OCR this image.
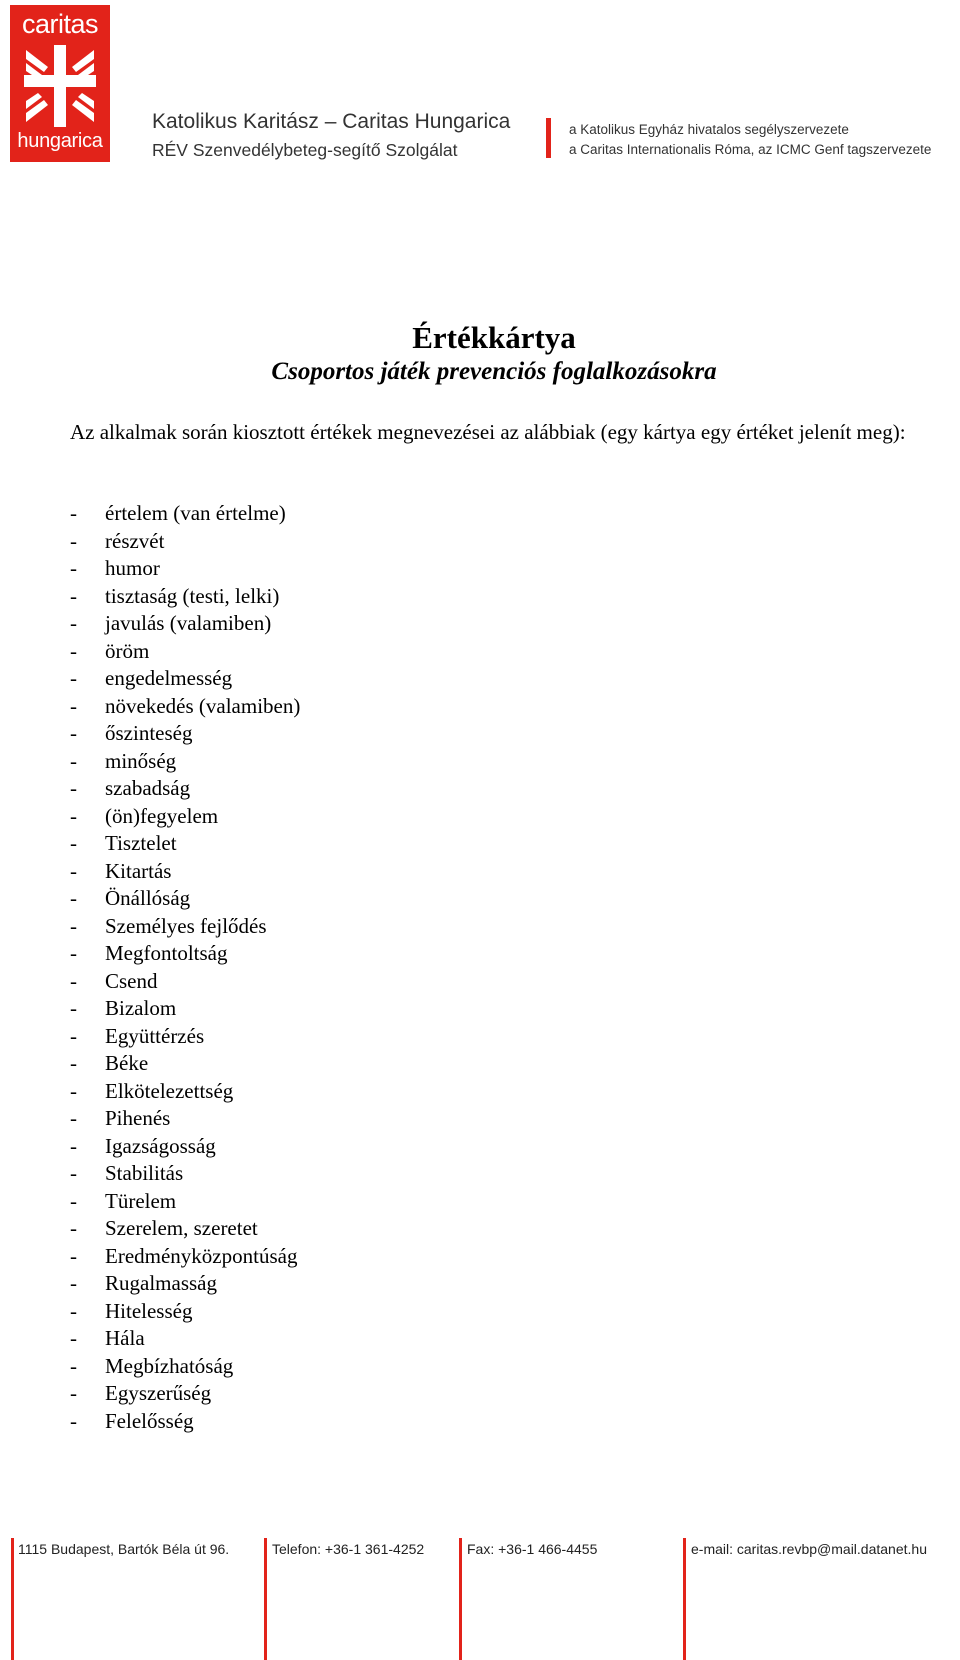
caritas
hungarica
Katolikus Karitász – Caritas Hungarica
RÉV Szenvedélybeteg-segítő Szolgálat
a Katolikus Egyház hivatalos segélyszervezete
a Caritas Internationalis Róma, az ICMC Genf tagszervezete
Értékkártya
Csoportos játék prevenciós foglalkozásokra

Az alkalmak során kiosztott értékek megnevezései az alábbiak (egy kártya egy értéket jelenít meg):

- értelem (van értelme)
- részvét
- humor
- tisztaság (testi, lelki)
- javulás (valamiben)
- öröm
- engedelmesség
- növekedés (valamiben)
- őszinteség
- minőség
- szabadság
- (ön)fegyelem
- Tisztelet
- Kitartás
- Önállóság
- Személyes fejlődés
- Megfontoltság
- Csend
- Bizalom
- Együttérzés
- Béke
- Elkötelezettség
- Pihenés
- Igazságosság
- Stabilitás
- Türelem
- Szerelem, szeretet
- Eredményközpontúság
- Rugalmasság
- Hitelesség
- Hála
- Megbízhatóság
- Egyszerűség
- Felelősség
1115 Budapest, Bartók Béla út 96.	Telefon: +36-1 361-4252	Fax: +36-1 466-4455	e-mail: caritas.revbp@mail.datanet.hu
